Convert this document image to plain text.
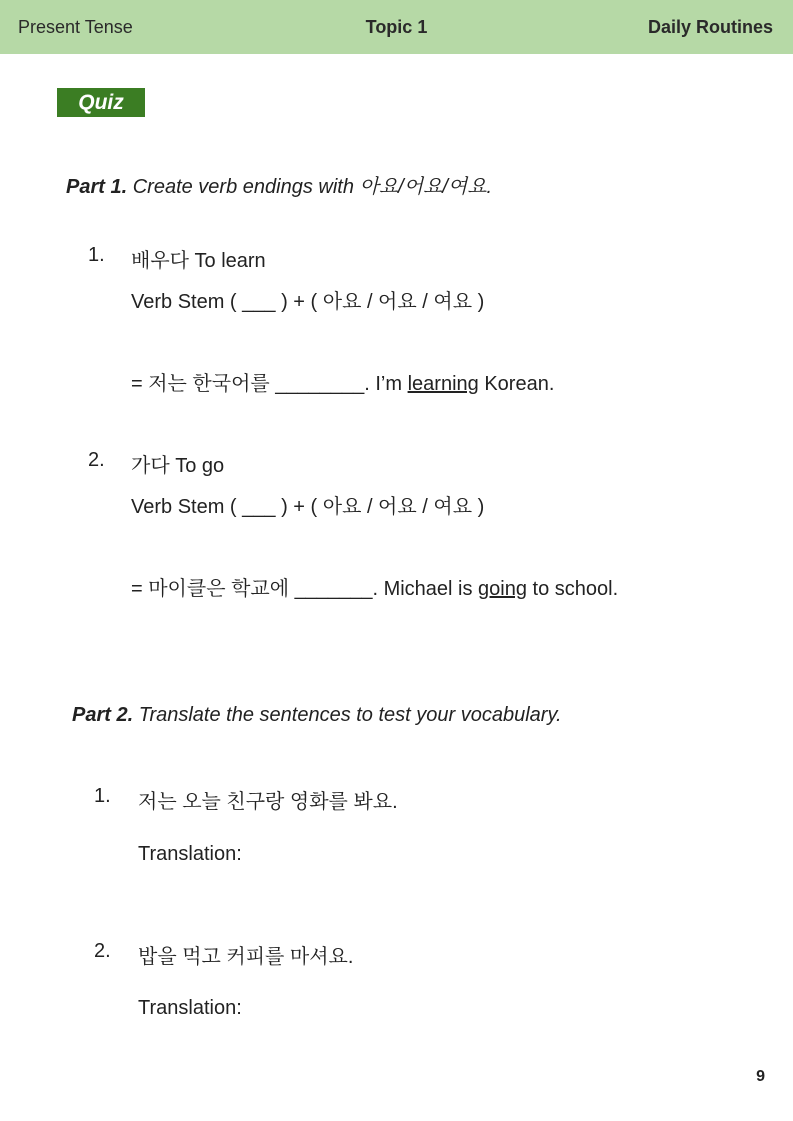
Present Tense	Topic 1	Daily Routines
Quiz
Part 1. Create verb endings with 아요/어요/여요.
1. 배우다 To learn
Verb Stem ( ___ ) + ( 아요 / 어요 / 여요 )
= 저는 한국어를 ________. I’m learning Korean.
2. 가다 To go
Verb Stem ( ___ ) + ( 아요 / 어요 / 여요 )
= 마이클은 학교에 _______. Michael is going to school.
Part 2. Translate the sentences to test your vocabulary.
1. 저는 오늘 친구랑 영화를 봐요.
Translation:
2. 밥을 먹고 커피를 마셔요.
Translation:
9
